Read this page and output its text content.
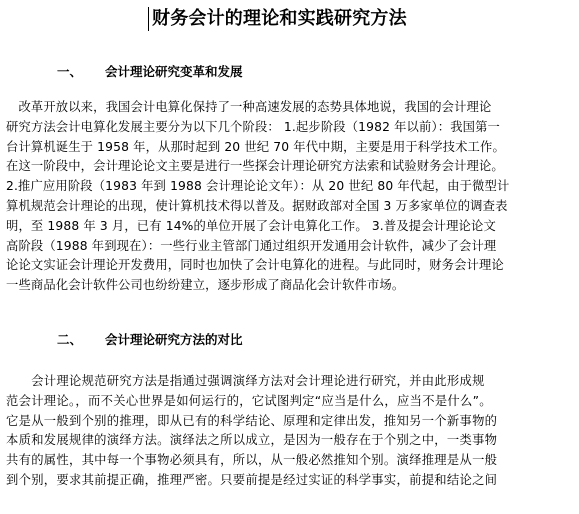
财务会计的理论和实践研究方法
一、 会计理论研究变革和发展
　改革开放以来，我国会计电算化保持了一种高速发展的态势具体地说，我国的会计理论
研究方法会计电算化发展主要分为以下几个阶段： 1.起步阶段（1982 年以前）：我国第一
台计算机诞生于 1958 年，从那时起到 20 世纪 70 年代中期，主要是用于科学技术工作。
在这一阶段中，会计理论论文主要是进行一些探会计理论研究方法索和试验财务会计理论。
2.推广应用阶段（1983 年到 1988 会计理论论文年）：从 20 世纪 80 年代起，由于微型计
算机规范会计理论的出现，使计算机技术得以普及。据财政部对全国 3 万多家单位的调查表
明，至 1988 年 3 月，已有 14%的单位开展了会计电算化工作。 3.普及提会计理论论文
高阶段（1988 年到现在）：一些行业主管部门通过组织开发通用会计软件，减少了会计理
论论文实证会计理论开发费用，同时也加快了会计电算化的进程。与此同时，财务会计理论
一些商品化会计软件公司也纷纷建立，逐步形成了商品化会计软件市场。
二、 会计理论研究方法的对比
　　会计理论规范研究方法是指通过强调演绎方法对会计理论进行研究，并由此形成规
范会计理论。，而不关心世界是如何运行的，它试图判定“应当是什么，应当不是什么”。
它是从一般到个别的推理，即从已有的科学结论、原理和定律出发，推知另一个新事物的
本质和发展规律的演绎方法。演绎法之所以成立，是因为一般存在于个别之中，一类事物
共有的属性，其中每一个事物必须具有，所以，从一般必然推知个别。演绎推理是从一般
到个别，要求其前提正确，推理严密。只要前提是经过实证的科学事实，前提和结论之间
